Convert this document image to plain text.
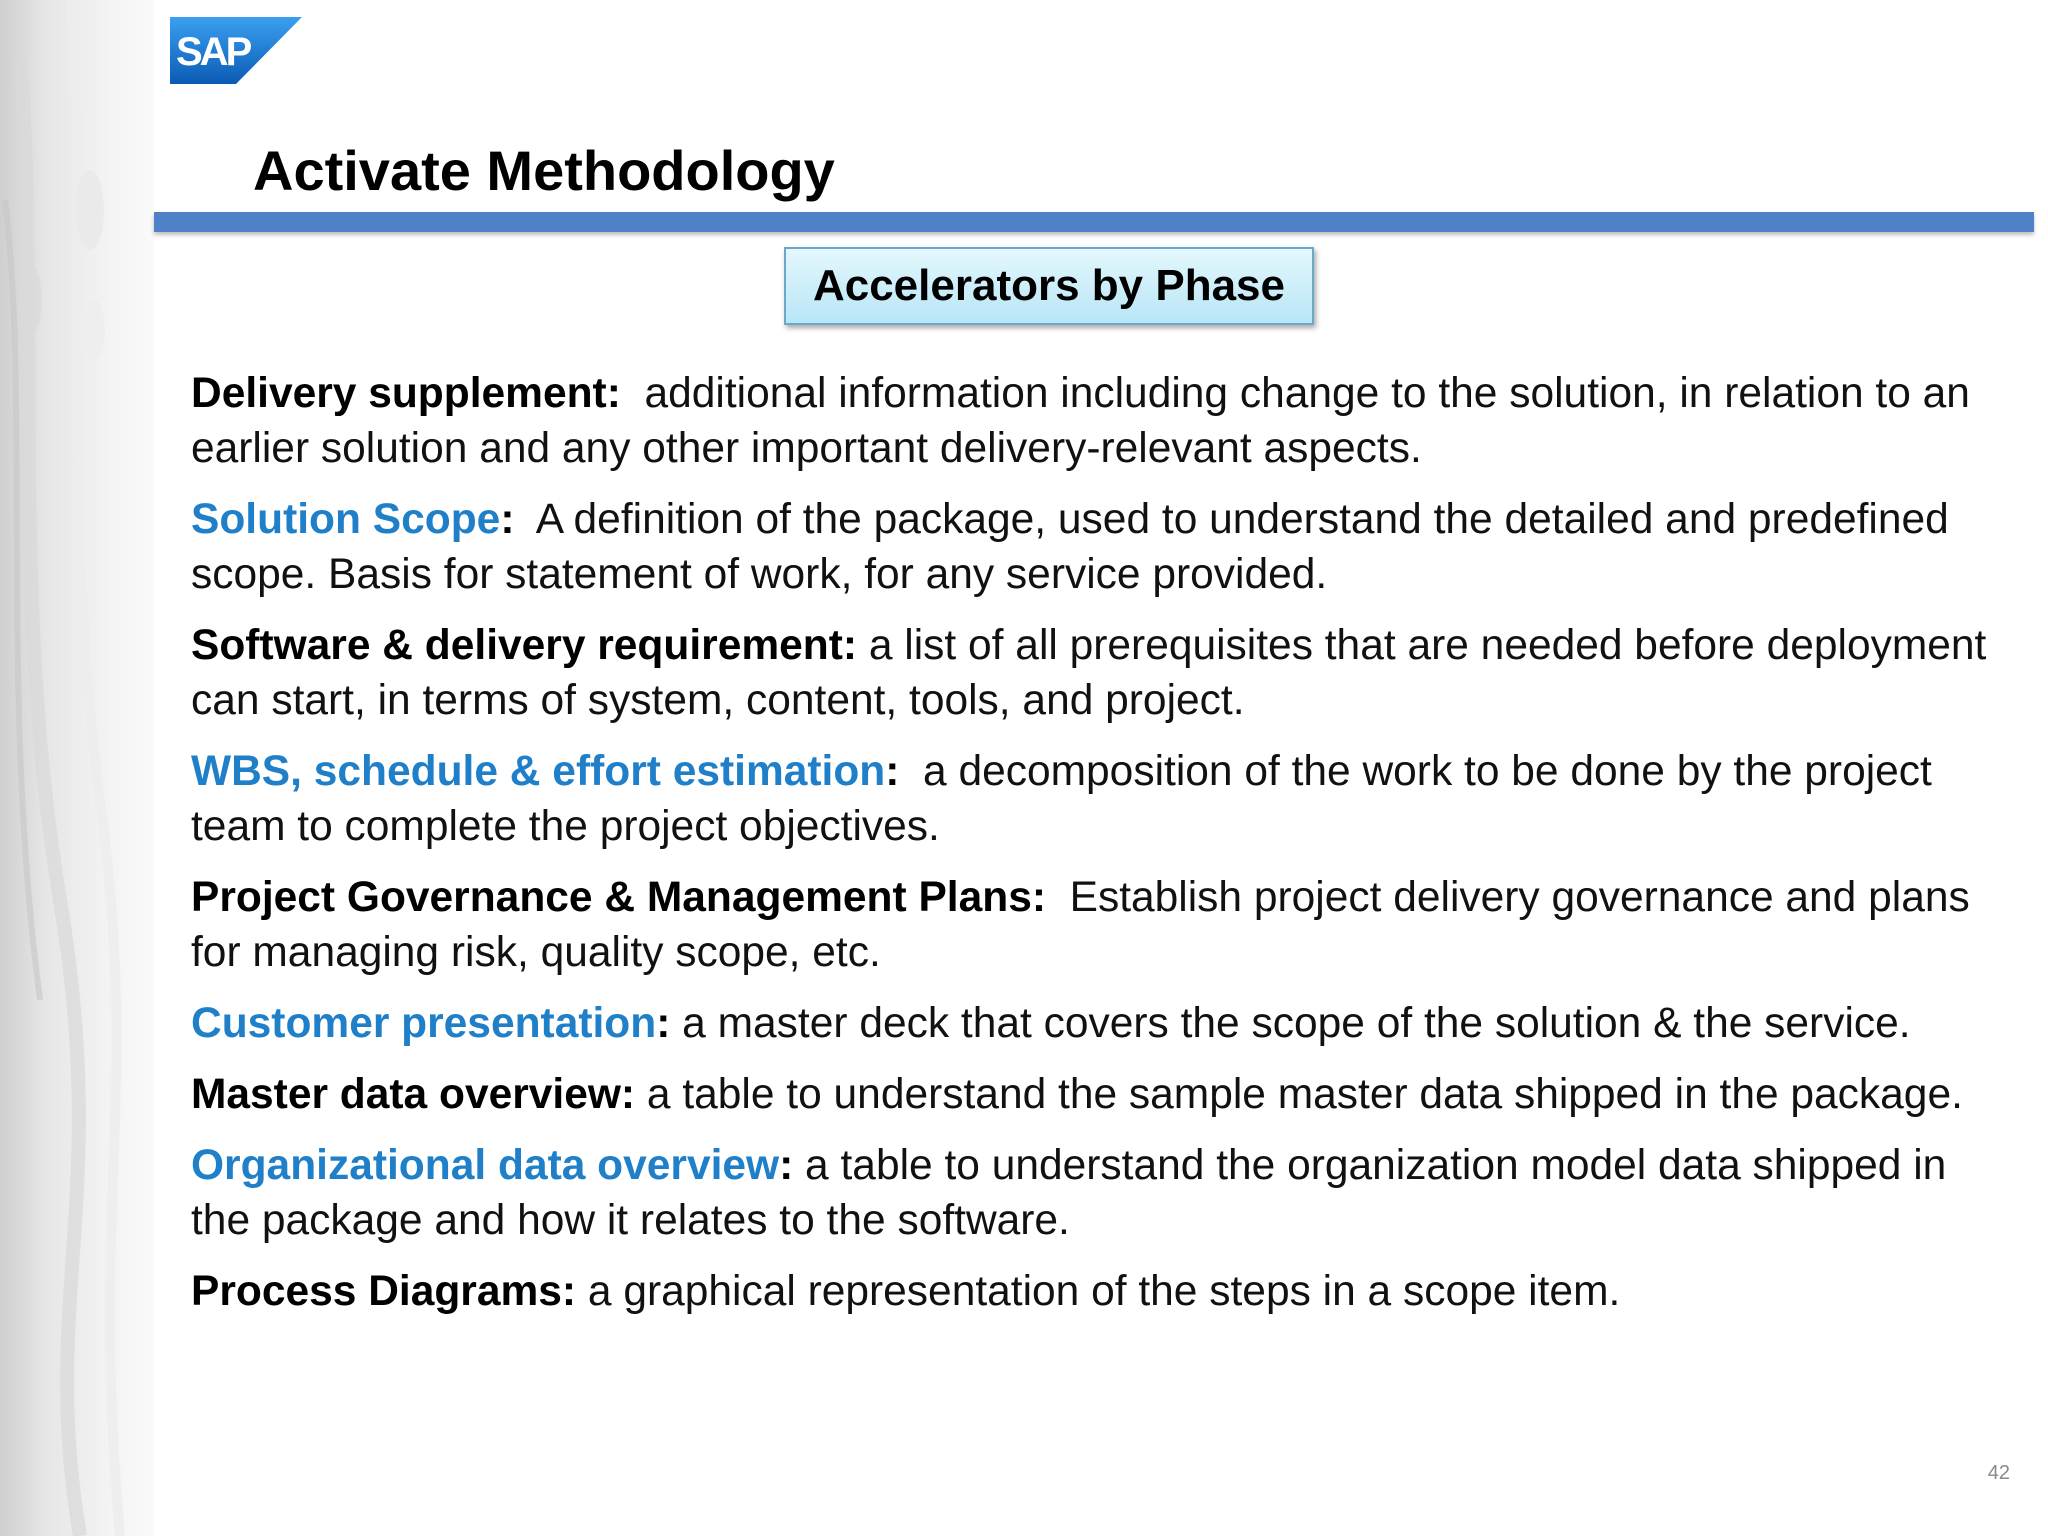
SAP
Activate Methodology
Accelerators by Phase

Delivery supplement:  additional information including change to the solution, in relation to an earlier solution and any other important delivery-relevant aspects.

Solution Scope:  A definition of the package, used to understand the detailed and predefined scope. Basis for statement of work, for any service provided.

Software & delivery requirement: a list of all prerequisites that are needed before deployment can start, in terms of system, content, tools, and project.

WBS, schedule & effort estimation:  a decomposition of the work to be done by the project team to complete the project objectives.

Project Governance & Management Plans:  Establish project delivery governance and plans for managing risk, quality scope, etc.

Customer presentation: a master deck that covers the scope of the solution & the service.

Master data overview: a table to understand the sample master data shipped in the package.

Organizational data overview: a table to understand the organization model data shipped in the package and how it relates to the software.

Process Diagrams: a graphical representation of the steps in a scope item.

42
